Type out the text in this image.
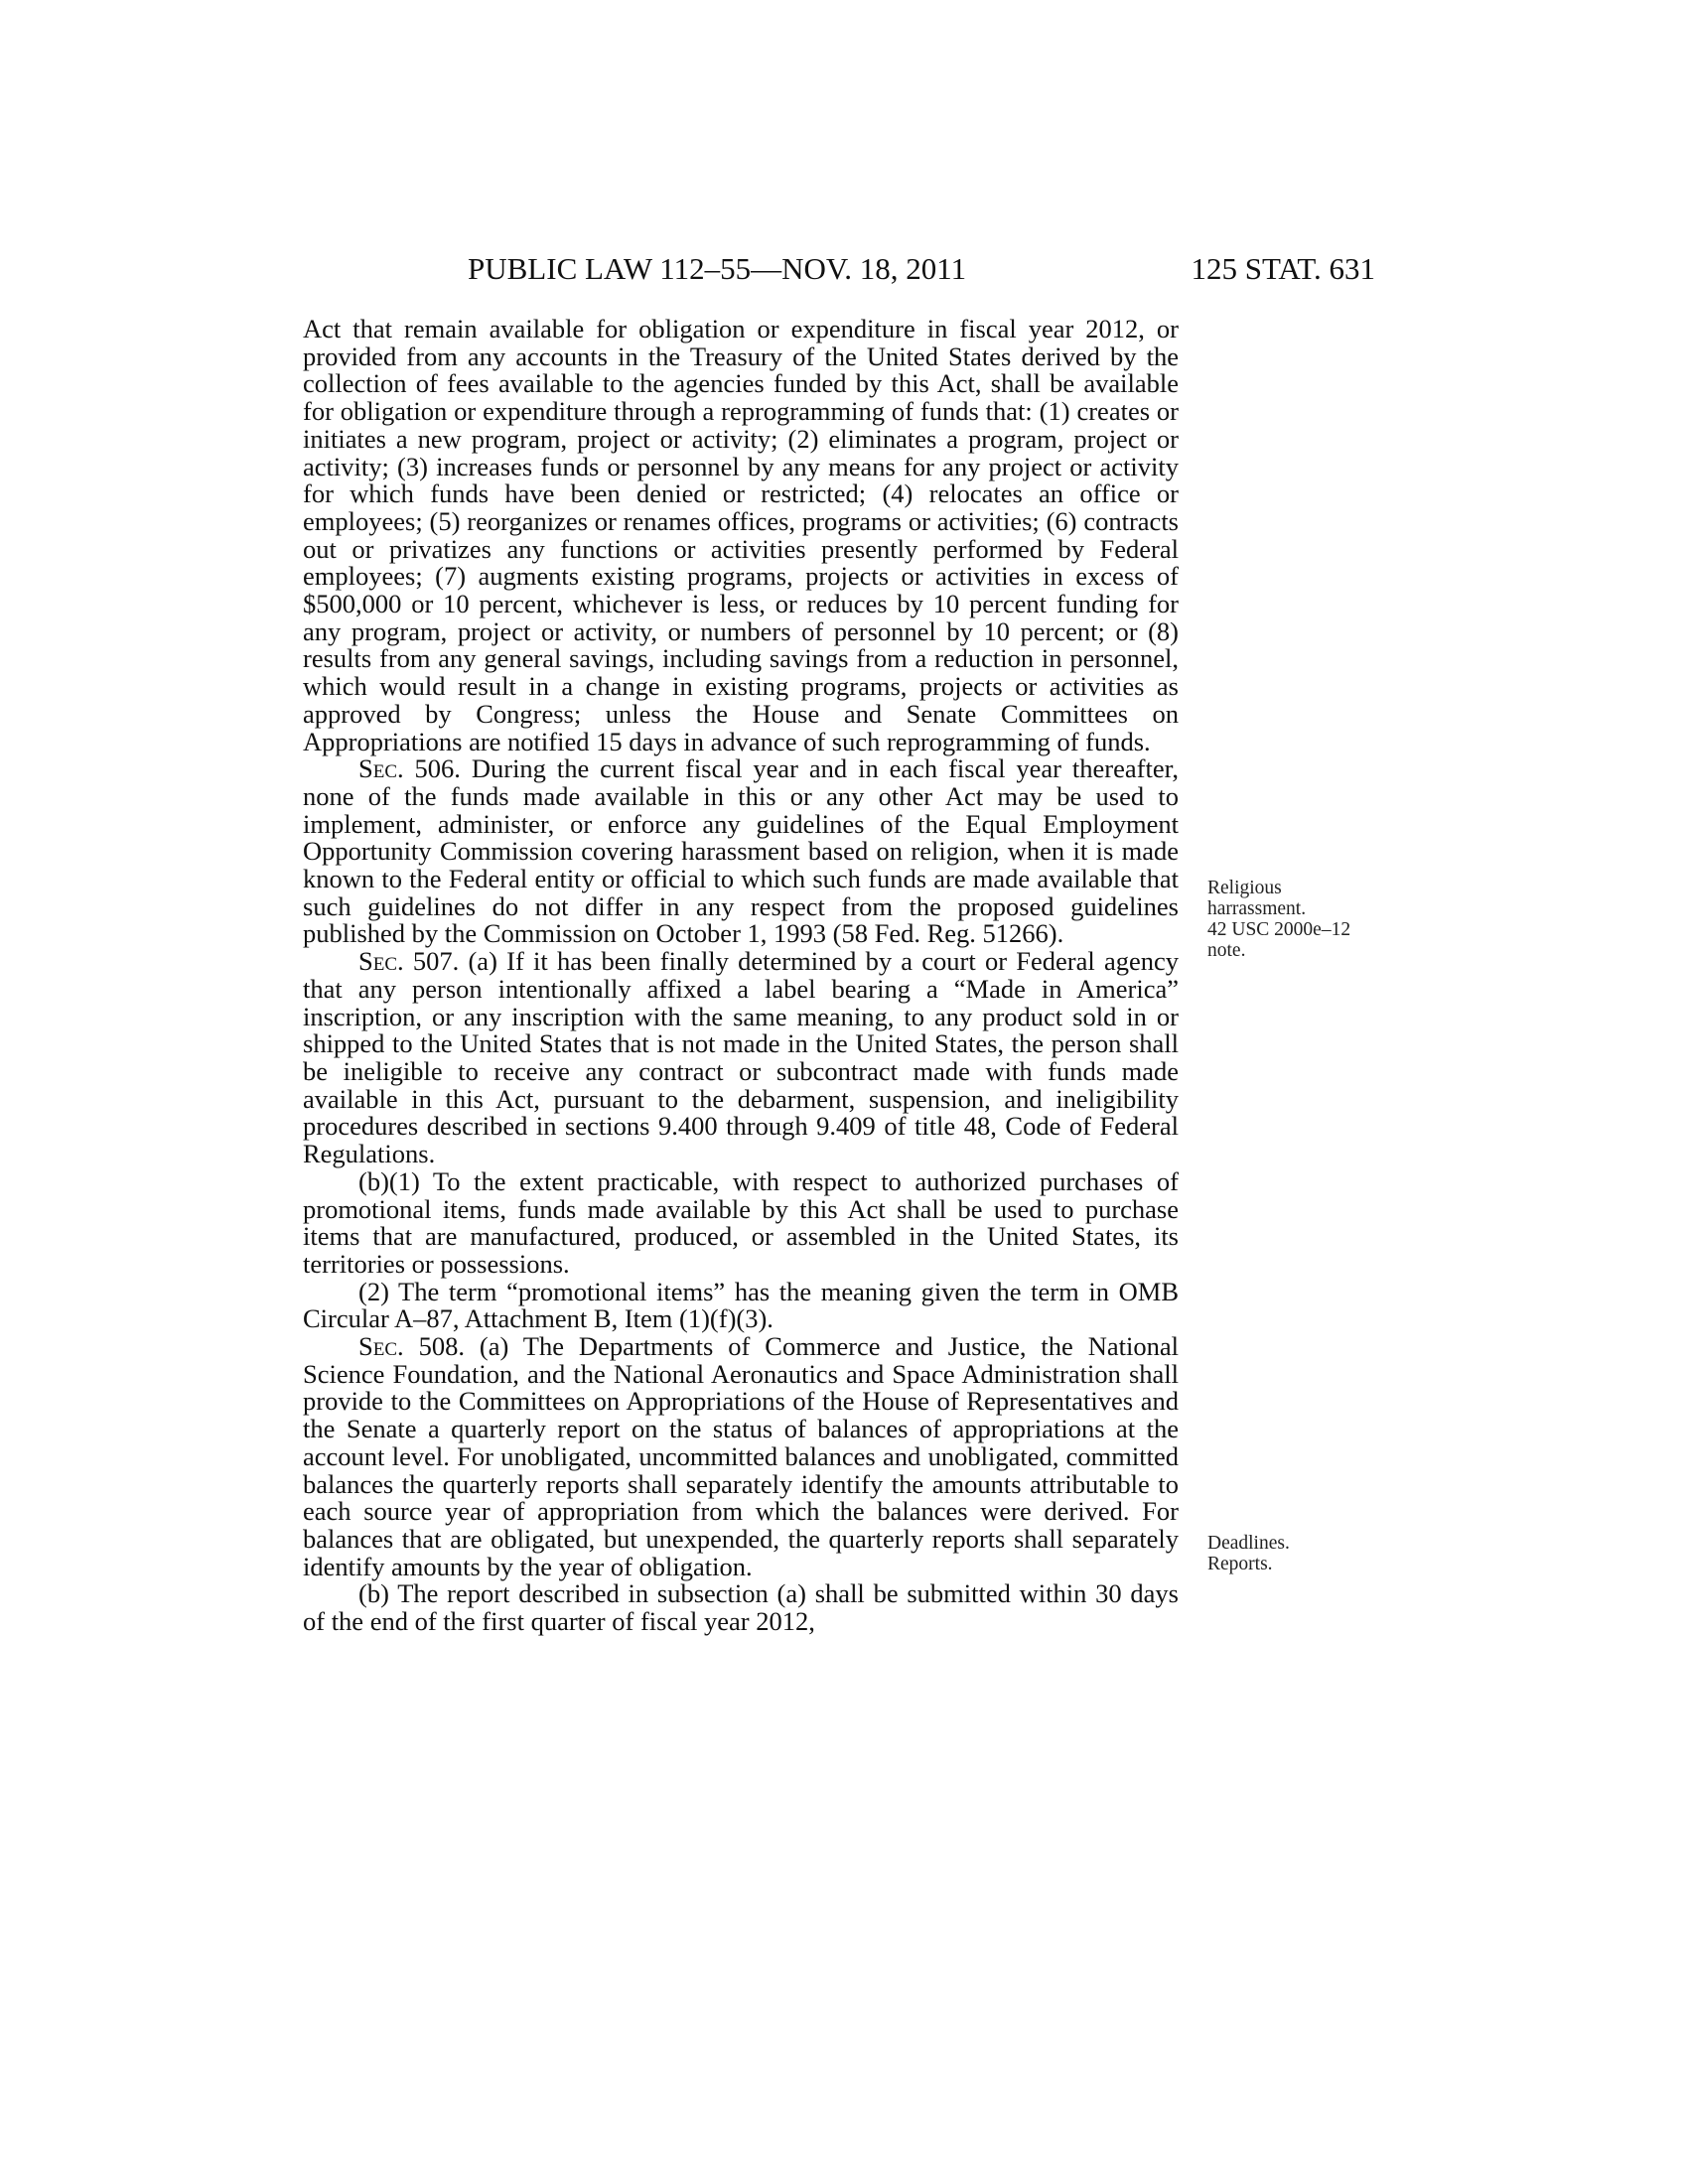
PUBLIC LAW 112–55—NOV. 18, 2011	125 STAT. 631

Act that remain available for obligation or expenditure in fiscal year 2012, or provided from any accounts in the Treasury of the United States derived by the collection of fees available to the agencies funded by this Act, shall be available for obligation or expenditure through a reprogramming of funds that: (1) creates or initiates a new program, project or activity; (2) eliminates a program, project or activity; (3) increases funds or personnel by any means for any project or activity for which funds have been denied or restricted; (4) relocates an office or employees; (5) reorganizes or renames offices, programs or activities; (6) contracts out or privatizes any functions or activities presently performed by Federal employees; (7) augments existing programs, projects or activities in excess of $500,000 or 10 percent, whichever is less, or reduces by 10 percent funding for any program, project or activity, or numbers of personnel by 10 percent; or (8) results from any general savings, including savings from a reduction in personnel, which would result in a change in existing programs, projects or activities as approved by Congress; unless the House and Senate Committees on Appropriations are notified 15 days in advance of such reprogramming of funds.

Sec. 506. During the current fiscal year and in each fiscal year thereafter, none of the funds made available in this or any other Act may be used to implement, administer, or enforce any guidelines of the Equal Employment Opportunity Commission covering harassment based on religion, when it is made known to the Federal entity or official to which such funds are made available that such guidelines do not differ in any respect from the proposed guidelines published by the Commission on October 1, 1993 (58 Fed. Reg. 51266).

Sec. 507. (a) If it has been finally determined by a court or Federal agency that any person intentionally affixed a label bearing a “Made in America” inscription, or any inscription with the same meaning, to any product sold in or shipped to the United States that is not made in the United States, the person shall be ineligible to receive any contract or subcontract made with funds made available in this Act, pursuant to the debarment, suspension, and ineligibility procedures described in sections 9.400 through 9.409 of title 48, Code of Federal Regulations.

(b)(1) To the extent practicable, with respect to authorized purchases of promotional items, funds made available by this Act shall be used to purchase items that are manufactured, produced, or assembled in the United States, its territories or possessions.

(2) The term “promotional items” has the meaning given the term in OMB Circular A–87, Attachment B, Item (1)(f)(3).

Sec. 508. (a) The Departments of Commerce and Justice, the National Science Foundation, and the National Aeronautics and Space Administration shall provide to the Committees on Appropriations of the House of Representatives and the Senate a quarterly report on the status of balances of appropriations at the account level. For unobligated, uncommitted balances and unobligated, committed balances the quarterly reports shall separately identify the amounts attributable to each source year of appropriation from which the balances were derived. For balances that are obligated, but unexpended, the quarterly reports shall separately identify amounts by the year of obligation.

(b) The report described in subsection (a) shall be submitted within 30 days of the end of the first quarter of fiscal year 2012,

Religious
harrassment.
42 USC 2000e–12
note.
Deadlines.
Reports.
